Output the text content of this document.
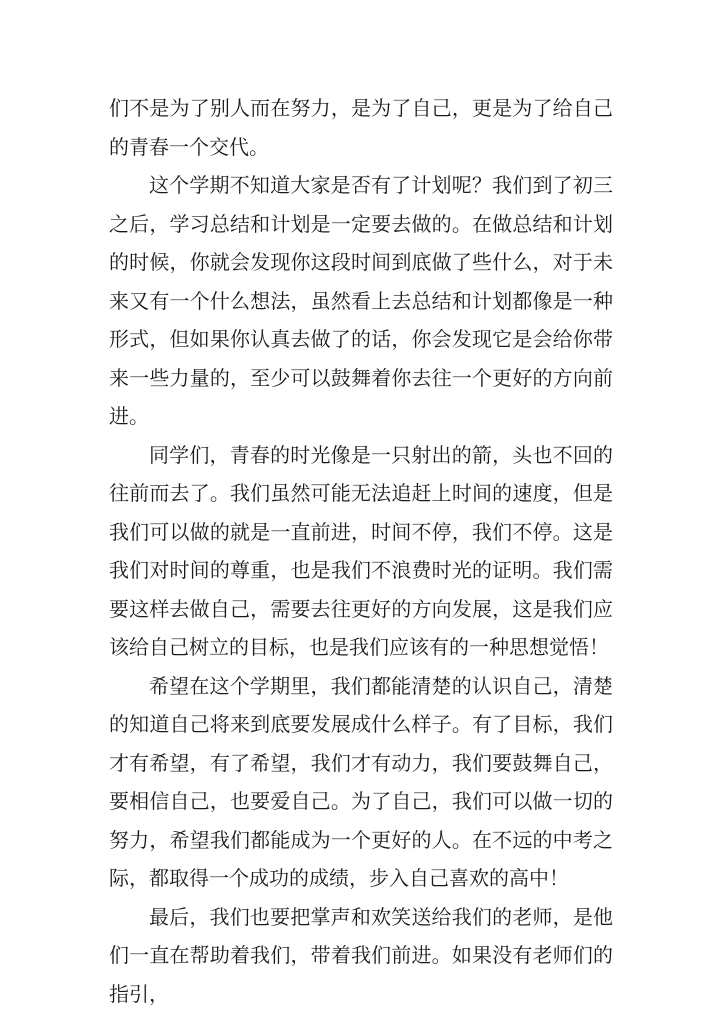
们不是为了别人而在努力，是为了自己，更是为了给自己的青春一个交代。

这个学期不知道大家是否有了计划呢？我们到了初三之后，学习总结和计划是一定要去做的。在做总结和计划的时候，你就会发现你这段时间到底做了些什么，对于未来又有一个什么想法，虽然看上去总结和计划都像是一种形式，但如果你认真去做了的话，你会发现它是会给你带来一些力量的，至少可以鼓舞着你去往一个更好的方向前进。

同学们，青春的时光像是一只射出的箭，头也不回的往前而去了。我们虽然可能无法追赶上时间的速度，但是我们可以做的就是一直前进，时间不停，我们不停。这是我们对时间的尊重，也是我们不浪费时光的证明。我们需要这样去做自己，需要去往更好的方向发展，这是我们应该给自己树立的目标，也是我们应该有的一种思想觉悟！

希望在这个学期里，我们都能清楚的认识自己，清楚的知道自己将来到底要发展成什么样子。有了目标，我们才有希望，有了希望，我们才有动力，我们要鼓舞自己，要相信自己，也要爱自己。为了自己，我们可以做一切的努力，希望我们都能成为一个更好的人。在不远的中考之际，都取得一个成功的成绩，步入自己喜欢的高中！

最后，我们也要把掌声和欢笑送给我们的老师，是他们一直在帮助着我们，带着我们前进。如果没有老师们的指引，
